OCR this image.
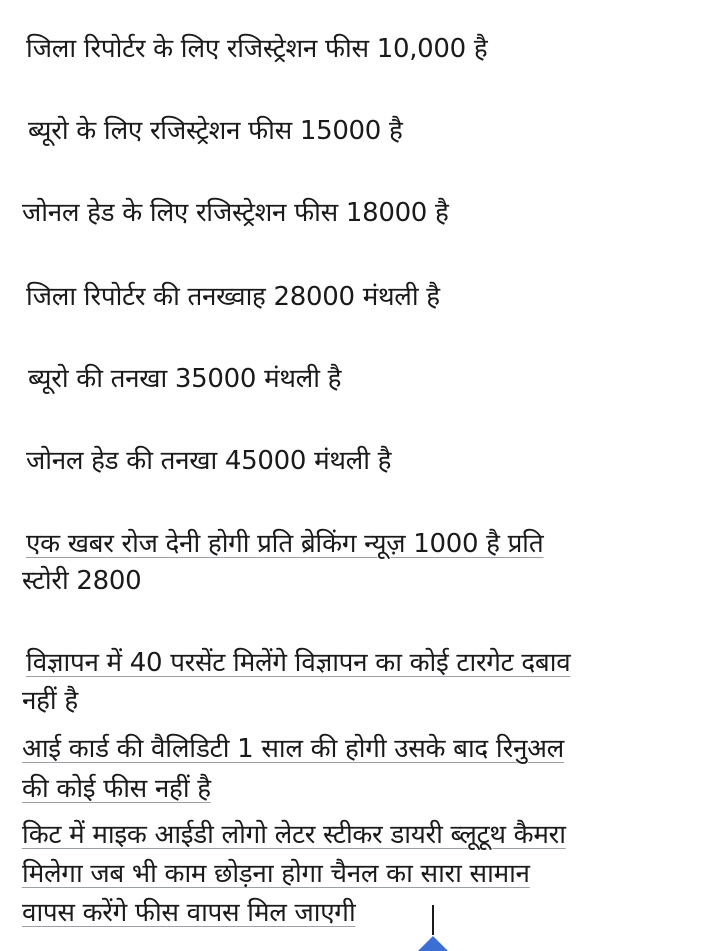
जिला रिपोर्टर के लिए रजिस्ट्रेशन फीस 10,000 है
ब्यूरो के लिए रजिस्ट्रेशन फीस 15000 है
जोनल हेड के लिए रजिस्ट्रेशन फीस 18000 है
जिला रिपोर्टर की तनख्वाह 28000 मंथली है
ब्यूरो की तनखा 35000 मंथली है
जोनल हेड की तनखा 45000 मंथली है
एक खबर रोज देनी होगी प्रति ब्रेकिंग न्यूज़ 1000 है प्रति
स्टोरी 2800
विज्ञापन में 40 परसेंट मिलेंगे विज्ञापन का कोई टारगेट दबाव
नहीं है
आई कार्ड की वैलिडिटी 1 साल की होगी उसके बाद रिनुअल
की कोई फीस नहीं है
किट में माइक आईडी लोगो लेटर स्टीकर डायरी ब्लूटूथ कैमरा
मिलेगा जब भी काम छोड़ना होगा चैनल का सारा सामान
वापस करेंगे फीस वापस मिल जाएगी
